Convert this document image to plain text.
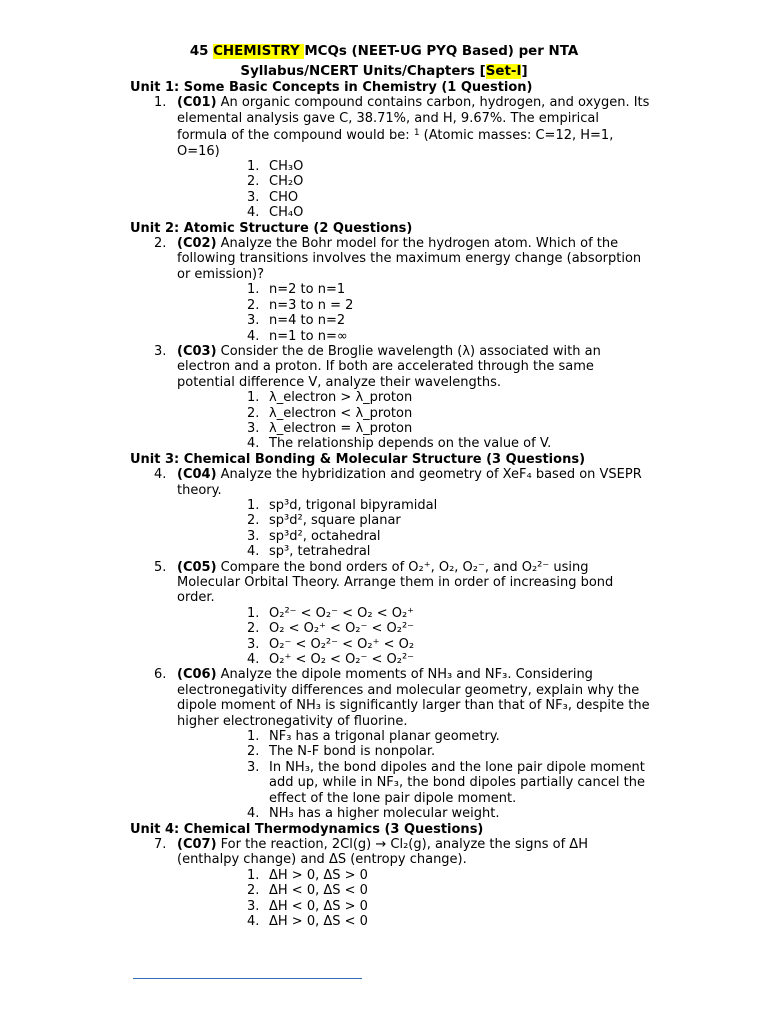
45 CHEMISTRY MCQs (NEET-UG PYQ Based) per NTA
Syllabus/NCERT Units/Chapters [Set-I]
Unit 1: Some Basic Concepts in Chemistry (1 Question)
1. (C01) An organic compound contains carbon, hydrogen, and oxygen. Its elemental analysis gave C, 38.71%, and H, 9.67%. The empirical formula of the compound would be: $^1$ (Atomic masses: C=12, H=1, O=16)
1. CH₃O
2. CH₂O
3. CHO
4. CH₄O
Unit 2: Atomic Structure (2 Questions)
2. (C02) Analyze the Bohr model for the hydrogen atom. Which of the following transitions involves the maximum energy change (absorption or emission)?
1. n=2 to n=1
2. n=3 to n = 2
3. n=4 to n=2
4. n=1 to n=∞
3. (C03) Consider the de Broglie wavelength (λ) associated with an electron and a proton. If both are accelerated through the same potential difference V, analyze their wavelengths.
1. λ_electron > λ_proton
2. λ_electron < λ_proton
3. λ_electron = λ_proton
4. The relationship depends on the value of V.
Unit 3: Chemical Bonding & Molecular Structure (3 Questions)
4. (C04) Analyze the hybridization and geometry of XeF₄ based on VSEPR theory.
1. sp³d, trigonal bipyramidal
2. sp³d², square planar
3. sp³d², octahedral
4. sp³, tetrahedral
5. (C05) Compare the bond orders of O₂⁺, O₂, O₂⁻, and O₂²⁻ using Molecular Orbital Theory. Arrange them in order of increasing bond order.
1. O₂²⁻ < O₂⁻ < O₂ < O₂⁺
2. O₂ < O₂⁺ < O₂⁻ < O₂²⁻
3. O₂⁻ < O₂²⁻ < O₂⁺ < O₂
4. O₂⁺ < O₂ < O₂⁻ < O₂²⁻
6. (C06) Analyze the dipole moments of NH₃ and NF₃. Considering electronegativity differences and molecular geometry, explain why the dipole moment of NH₃ is significantly larger than that of NF₃, despite the higher electronegativity of fluorine.
1. NF₃ has a trigonal planar geometry.
2. The N-F bond is nonpolar.
3. In NH₃, the bond dipoles and the lone pair dipole moment add up, while in NF₃, the bond dipoles partially cancel the effect of the lone pair dipole moment.
4. NH₃ has a higher molecular weight.
Unit 4: Chemical Thermodynamics (3 Questions)
7. (C07) For the reaction, 2Cl(g) → Cl₂(g), analyze the signs of ΔH (enthalpy change) and ΔS (entropy change).
1. ΔH > 0, ΔS > 0
2. ΔH < 0, ΔS < 0
3. ΔH < 0, ΔS > 0
4. ΔH > 0, ΔS < 0
